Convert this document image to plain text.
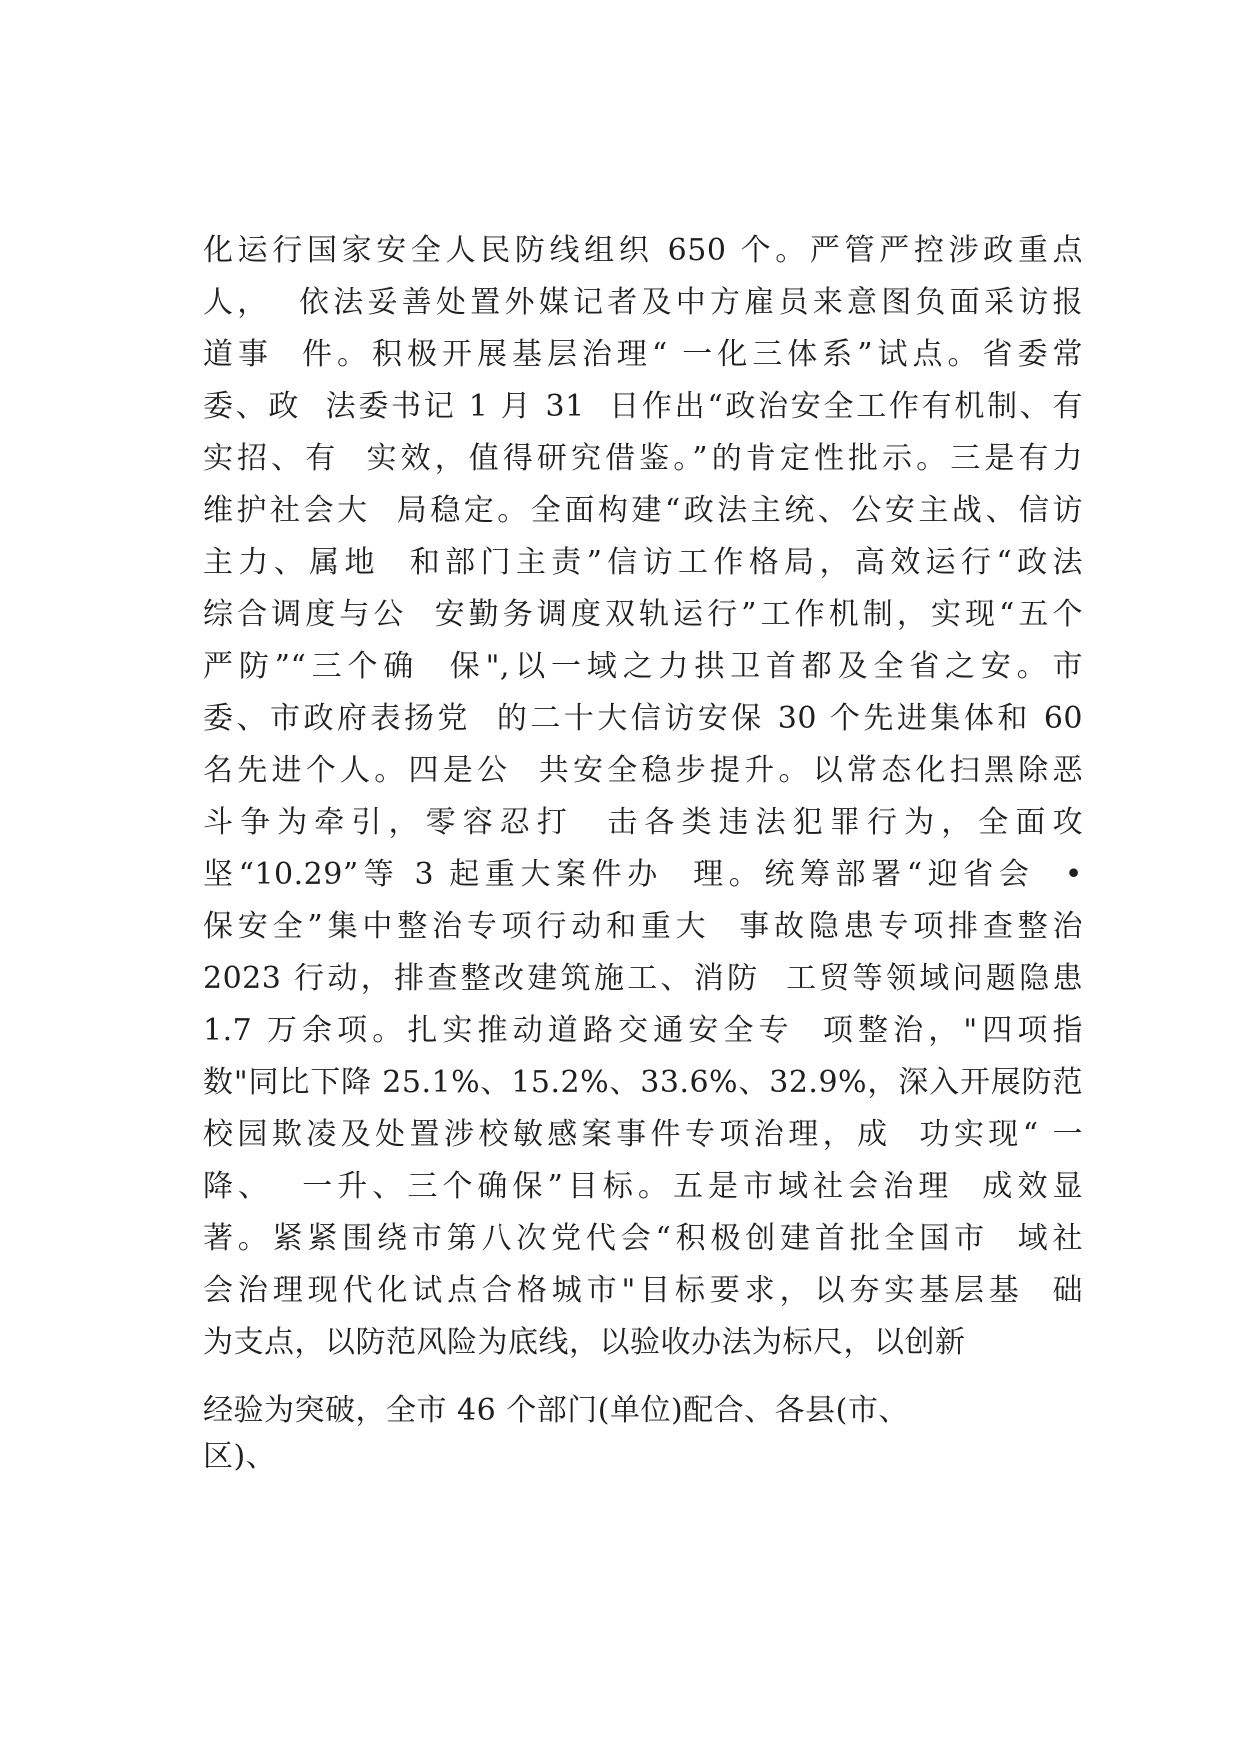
化运行国家安全人民防线组织 650 个。严管严控涉政重点
人，  依法妥善处置外媒记者及中方雇员来意图负面采访报
道事  件。积极开展基层治理“ 一化三体系”试点。省委常
委、政  法委书记 1 月 31  日作出“政治安全工作有机制、有
实招、有  实效，值得研究借鉴。”的肯定性批示。三是有力
维护社会大  局稳定。全面构建“政法主统、公安主战、信访
主力、属地  和部门主责”信访工作格局，高效运行“政法
综合调度与公  安勤务调度双轨运行”工作机制，实现“五个
严防”“三个确  保",以一域之力拱卫首都及全省之安。市
委、市政府表扬党  的二十大信访安保 30 个先进集体和 60
名先进个人。四是公  共安全稳步提升。以常态化扫黑除恶
斗争为牵引，零容忍打  击各类违法犯罪行为，全面攻
坚“10.29”等 3 起重大案件办  理。统筹部署“迎省会  •
保安全”集中整治专项行动和重大  事故隐患专项排查整治
2023 行动，排查整改建筑施工、消防  工贸等领域问题隐患
1.7 万余项。扎实推动道路交通安全专  项整治，"四项指
数"同比下降 25.1%、15.2%、33.6%、32.9%，深入开展防范
校园欺凌及处置涉校敏感案事件专项治理，成  功实现“ 一
降、  一升、三个确保”目标。五是市域社会治理  成效显
著。紧紧围绕市第八次党代会“积极创建首批全国市  域社
会治理现代化试点合格城市"目标要求，以夯实基层基  础
为支点，以防范风险为底线，以验收办法为标尺，以创新
经验为突破，全市 46 个部门(单位)配合、各县(市、
区)、
